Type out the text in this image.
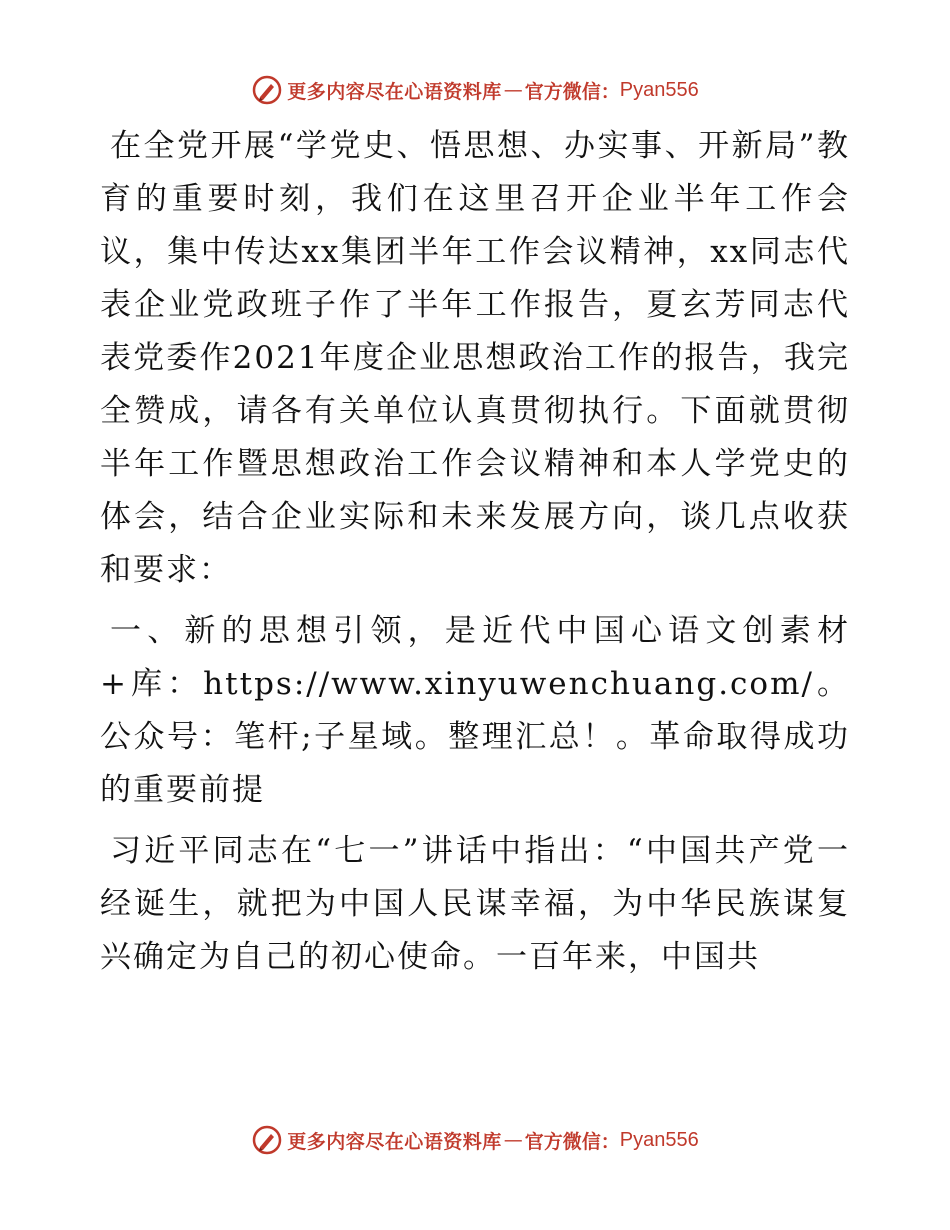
更多内容尽在心语资料库 — 官方微信： Pyan556

在全党开展“学党史、悟思想、办实事、开新局”教育的重要时刻，我们在这里召开企业半年工作会议，集中传达xx集团半年工作会议精神，xx同志代表企业党政班子作了半年工作报告，夏玄芳同志代表党委作2021年度企业思想政治工作的报告，我完全赞成，请各有关单位认真贯彻执行。下面就贯彻半年工作暨思想政治工作会议精神和本人学党史的体会，结合企业实际和未来发展方向，谈几点收获和要求：

一、新的思想引领，是近代中国心语文创素材+库：https://www.xinyuwenchuang.com/。公众号：笔杆;子星域。整理汇总！。革命取得成功的重要前提

习近平同志在“七一”讲话中指出：“中国共产党一经诞生，就把为中国人民谋幸福，为中华民族谋复兴确定为自己的初心使命。一百年来，中国共

更多内容尽在心语资料库 — 官方微信： Pyan556
